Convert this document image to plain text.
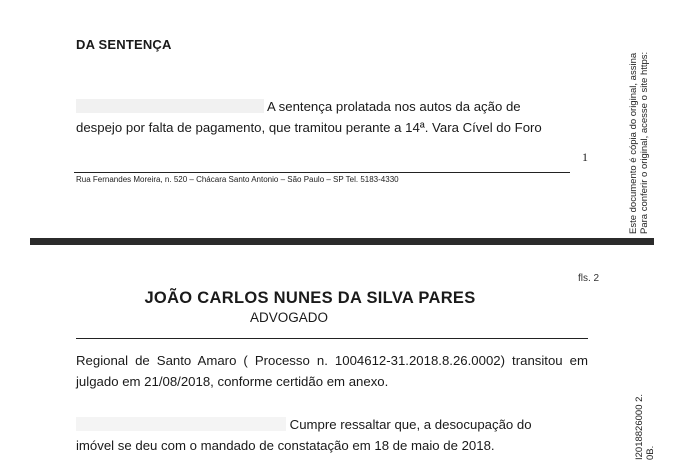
DA SENTENÇA
A sentença prolatada nos autos da ação de
despejo por falta de pagamento, que tramitou perante a 14ª. Vara Cível do Foro
1
Rua Fernandes Moreira, n. 520 – Chácara Santo Antonio – São Paulo – SP Tel. 5183-4330
fls. 2
JOÃO CARLOS NUNES DA SILVA PARES
ADVOGADO
Regional de Santo Amaro ( Processo n. 1004612-31.2018.8.26.0002) transitou em julgado em 21/08/2018, conforme certidão em anexo.
Cumpre ressaltar que, a desocupação do
imóvel se deu com o mandado de constatação em 18 de maio de 2018.
Este documento é cópia do original, assina Para conferir o original, acesse o site https:
I2018826000 2. 0B.
